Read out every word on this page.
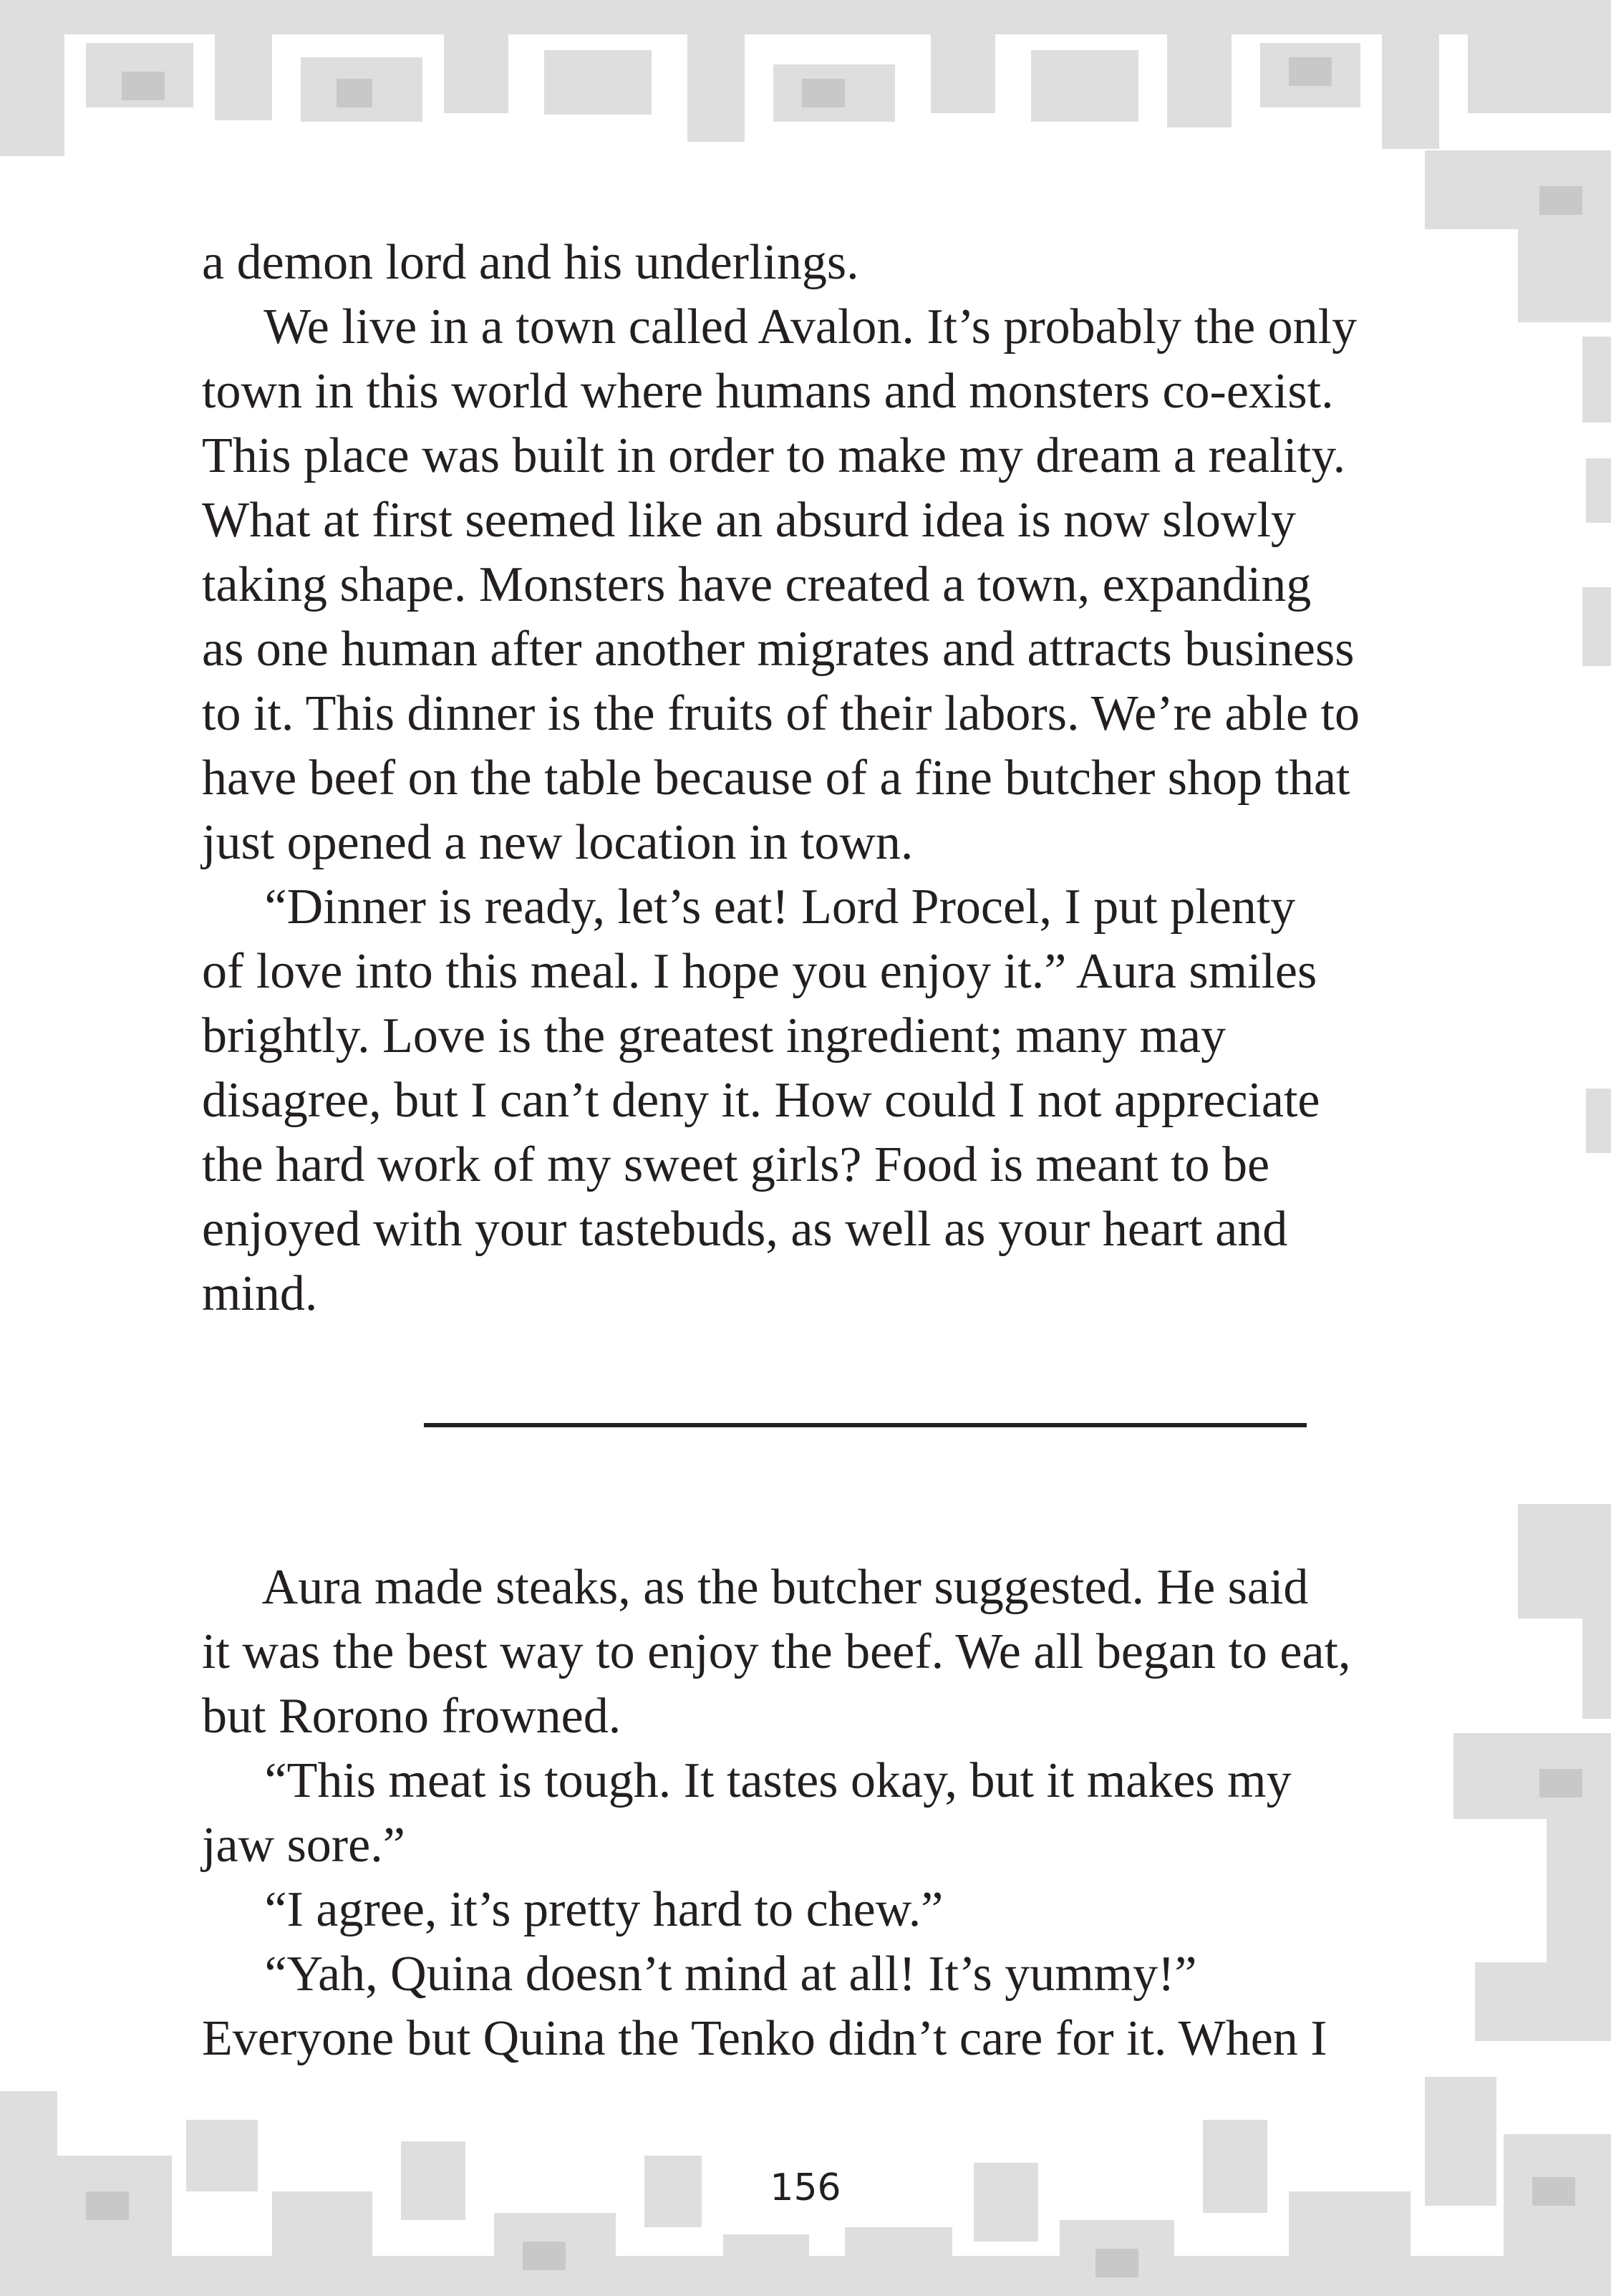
a demon lord and his underlings.
We live in a town called Avalon. It’s probably the only
town in this world where humans and monsters co-exist.
This place was built in order to make my dream a reality.
What at first seemed like an absurd idea is now slowly
taking shape. Monsters have created a town, expanding
as one human after another migrates and attracts business
to it. This dinner is the fruits of their labors. We’re able to
have beef on the table because of a fine butcher shop that
just opened a new location in town.
“Dinner is ready, let’s eat! Lord Procel, I put plenty
of love into this meal. I hope you enjoy it.” Aura smiles
brightly. Love is the greatest ingredient; many may
disagree, but I can’t deny it. How could I not appreciate
the hard work of my sweet girls? Food is meant to be
enjoyed with your tastebuds, as well as your heart and
mind.
Aura made steaks, as the butcher suggested. He said
it was the best way to enjoy the beef. We all began to eat,
but Rorono frowned.
“This meat is tough. It tastes okay, but it makes my
jaw sore.”
“I agree, it’s pretty hard to chew.”
“Yah, Quina doesn’t mind at all! It’s yummy!”
Everyone but Quina the Tenko didn’t care for it. When I
156
